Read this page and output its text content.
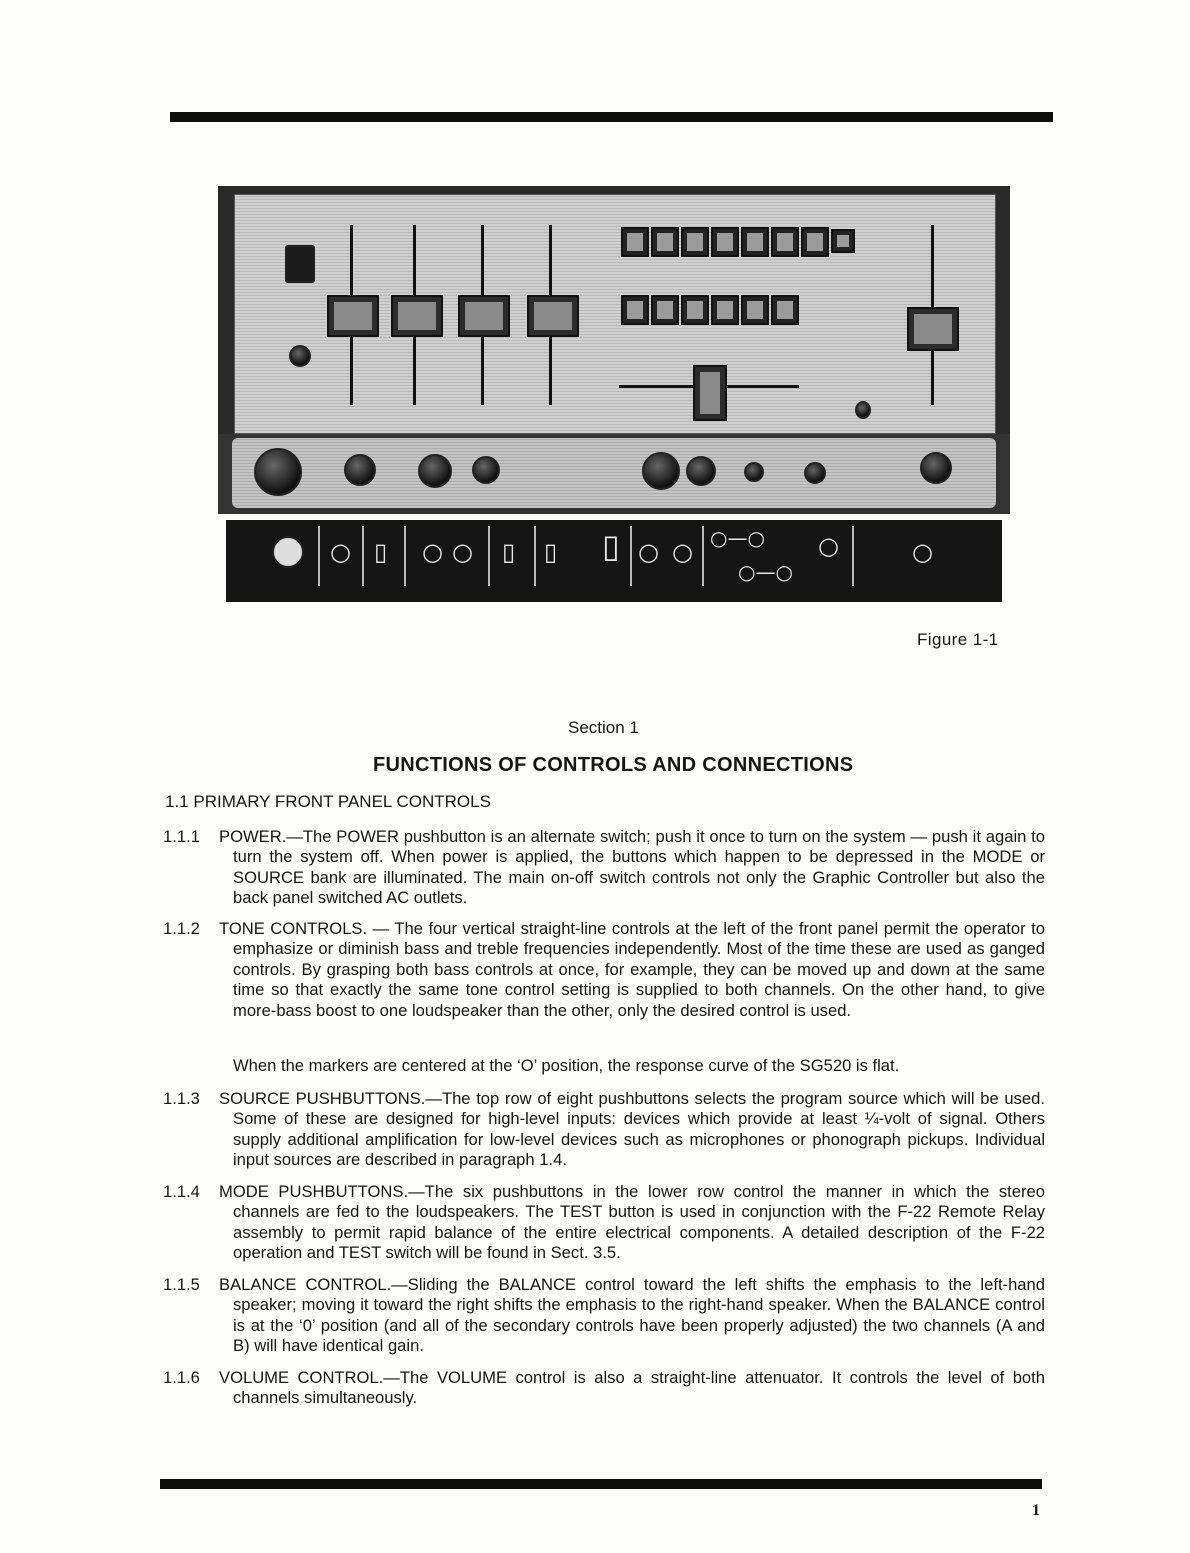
○ ▯ ○ ○ ▯ ▯ ▯ ○ ○ ○—○
○—○
○	○

Figure 1-1

Section 1

FUNCTIONS OF CONTROLS AND CONNECTIONS

1.1 PRIMARY FRONT PANEL CONTROLS

1.1.1 POWER.—The POWER pushbutton is an alternate switch; push it once to turn on the system — push it again to turn the system off. When power is applied, the buttons which happen to be depressed in the MODE or SOURCE bank are illuminated. The main on-off switch controls not only the Graphic Controller but also the back panel switched AC outlets.
1.1.2 TONE CONTROLS. — The four vertical straight-line controls at the left of the front panel permit the operator to emphasize or diminish bass and treble frequencies independently. Most of the time these are used as ganged controls. By grasping both bass controls at once, for example, they can be moved up and down at the same time so that exactly the same tone control setting is supplied to both channels. On the other hand, to give more-bass boost to one loudspeaker than the other, only the desired control is used.
When the markers are centered at the ‘O’ position, the response curve of the SG520 is flat.
1.1.3 SOURCE PUSHBUTTONS.—The top row of eight pushbuttons selects the program source which will be used. Some of these are designed for high-level inputs: devices which provide at least ¼-volt of signal. Others supply additional amplification for low-level devices such as microphones or phonograph pickups. Individual input sources are described in paragraph 1.4.
1.1.4 MODE PUSHBUTTONS.—The six pushbuttons in the lower row control the manner in which the stereo channels are fed to the loudspeakers. The TEST button is used in conjunction with the F-22 Remote Relay assembly to permit rapid balance of the entire electrical components. A detailed description of the F-22 operation and TEST switch will be found in Sect. 3.5.
1.1.5 BALANCE CONTROL.—Sliding the BALANCE control toward the left shifts the emphasis to the left-hand speaker; moving it toward the right shifts the emphasis to the right-hand speaker. When the BALANCE control is at the ‘0’ position (and all of the secondary controls have been properly adjusted) the two channels (A and B) will have identical gain.
1.1.6 VOLUME CONTROL.—The VOLUME control is also a straight-line attenuator. It controls the level of both channels simultaneously.

1
